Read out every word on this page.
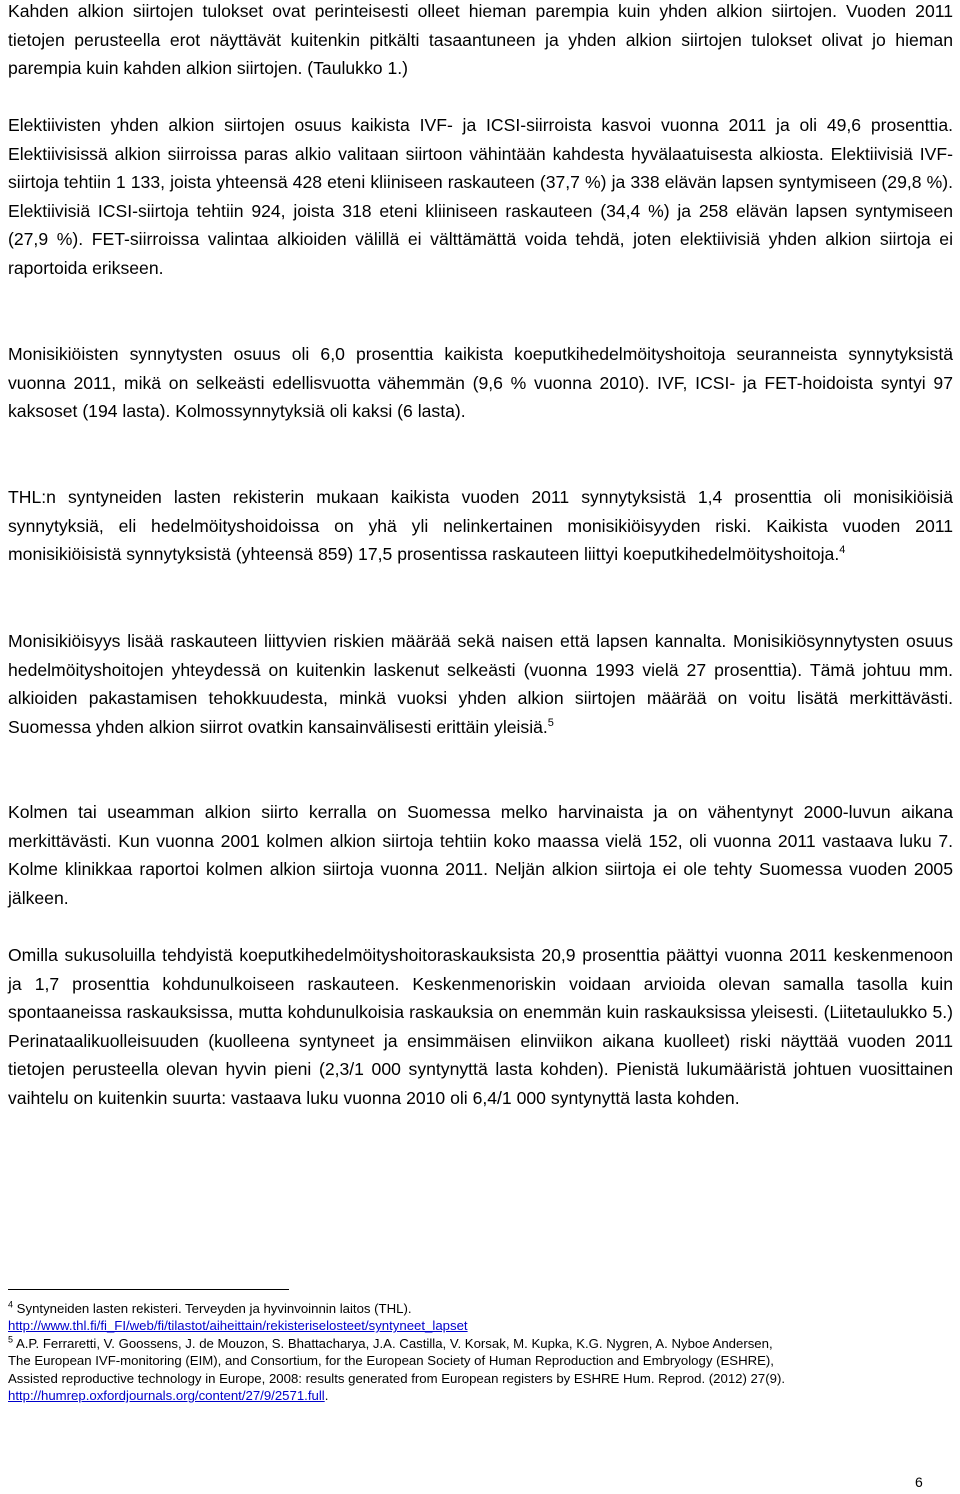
Kahden alkion siirtojen tulokset ovat perinteisesti olleet hieman parempia kuin yhden alkion siirtojen. Vuoden 2011 tietojen perusteella erot näyttävät kuitenkin pitkälti tasaantuneen ja yhden alkion siirtojen tulokset olivat jo hieman parempia kuin kahden alkion siirtojen. (Taulukko 1.)

Elektiivisten yhden alkion siirtojen osuus kaikista IVF- ja ICSI-siirroista kasvoi vuonna 2011 ja oli 49,6 prosenttia. Elektiivisissä alkion siirroissa paras alkio valitaan siirtoon vähintään kahdesta hyvälaatuisesta alkiosta. Elektiivisiä IVF-siirtoja tehtiin 1 133, joista yhteensä 428 eteni kliiniseen raskauteen (37,7 %) ja 338 elävän lapsen syntymiseen (29,8 %). Elektiivisiä ICSI-siirtoja tehtiin 924, joista 318 eteni kliiniseen raskauteen (34,4 %) ja 258 elävän lapsen syntymiseen (27,9 %). FET-siirroissa valintaa alkioiden välillä ei välttämättä voida tehdä, joten elektiivisiä yhden alkion siirtoja ei raportoida erikseen.

Monisikiöisten synnytysten osuus oli 6,0 prosenttia kaikista koeputkihedelmöityshoitoja seuranneista synnytyksistä vuonna 2011, mikä on selkeästi edellisvuotta vähemmän (9,6 % vuonna 2010). IVF, ICSI- ja FET-hoidoista syntyi 97 kaksoset (194 lasta). Kolmossynnytyksiä oli kaksi (6 lasta).

THL:n syntyneiden lasten rekisterin mukaan kaikista vuoden 2011 synnytyksistä 1,4 prosenttia oli monisikiöisiä synnytyksiä, eli hedelmöityshoidoissa on yhä yli nelinkertainen monisikiöisyyden riski. Kaikista vuoden 2011 monisikiöisistä synnytyksistä (yhteensä 859) 17,5 prosentissa raskauteen liittyi koeputkihedelmöityshoitoja.$^4$

Monisikiöisyys lisää raskauteen liittyvien riskien määrää sekä naisen että lapsen kannalta. Monisikiösynnytysten osuus hedelmöityshoitojen yhteydessä on kuitenkin laskenut selkeästi (vuonna 1993 vielä 27 prosenttia). Tämä johtuu mm. alkioiden pakastamisen tehokkuudesta, minkä vuoksi yhden alkion siirtojen määrää on voitu lisätä merkittävästi. Suomessa yhden alkion siirrot ovatkin kansainvälisesti erittäin yleisiä.$^5$

Kolmen tai useamman alkion siirto kerralla on Suomessa melko harvinaista ja on vähentynyt 2000-luvun aikana merkittävästi. Kun vuonna 2001 kolmen alkion siirtoja tehtiin koko maassa vielä 152, oli vuonna 2011 vastaava luku 7. Kolme klinikkaa raportoi kolmen alkion siirtoja vuonna 2011. Neljän alkion siirtoja ei ole tehty Suomessa vuoden 2005 jälkeen.

Omilla sukusoluilla tehdyistä koeputkihedelmöityshoitoraskauksista 20,9 prosenttia päättyi vuonna 2011 keskenmenoon ja 1,7 prosenttia kohdunulkoiseen raskauteen. Keskenmenoriskin voidaan arvioida olevan samalla tasolla kuin spontaaneissa raskauksissa, mutta kohdunulkoisia raskauksia on enemmän kuin raskauksissa yleisesti. (Liitetaulukko 5.) Perinataalikuolleisuuden (kuolleena syntyneet ja ensimmäisen elinviikon aikana kuolleet) riski näyttää vuoden 2011 tietojen perusteella olevan hyvin pieni (2,3/1 000 syntynyttä lasta kohden). Pienistä lukumääristä johtuen vuosittainen vaihtelu on kuitenkin suurta: vastaava luku vuonna 2010 oli 6,4/1 000 syntynyttä lasta kohden.

$^4$ Syntyneiden lasten rekisteri. Terveyden ja hyvinvoinnin laitos (THL).
http://www.thl.fi/fi_FI/web/fi/tilastot/aiheittain/rekisteriselosteet/syntyneet_lapset
$^5$ A.P. Ferraretti, V. Goossens, J. de Mouzon, S. Bhattacharya, J.A. Castilla, V. Korsak, M. Kupka, K.G. Nygren, A. Nyboe Andersen,
The European IVF-monitoring (EIM), and Consortium, for the European Society of Human Reproduction and Embryology (ESHRE),
Assisted reproductive technology in Europe, 2008: results generated from European registers by ESHRE Hum. Reprod. (2012) 27(9).
http://humrep.oxfordjournals.org/content/27/9/2571.full.
6
